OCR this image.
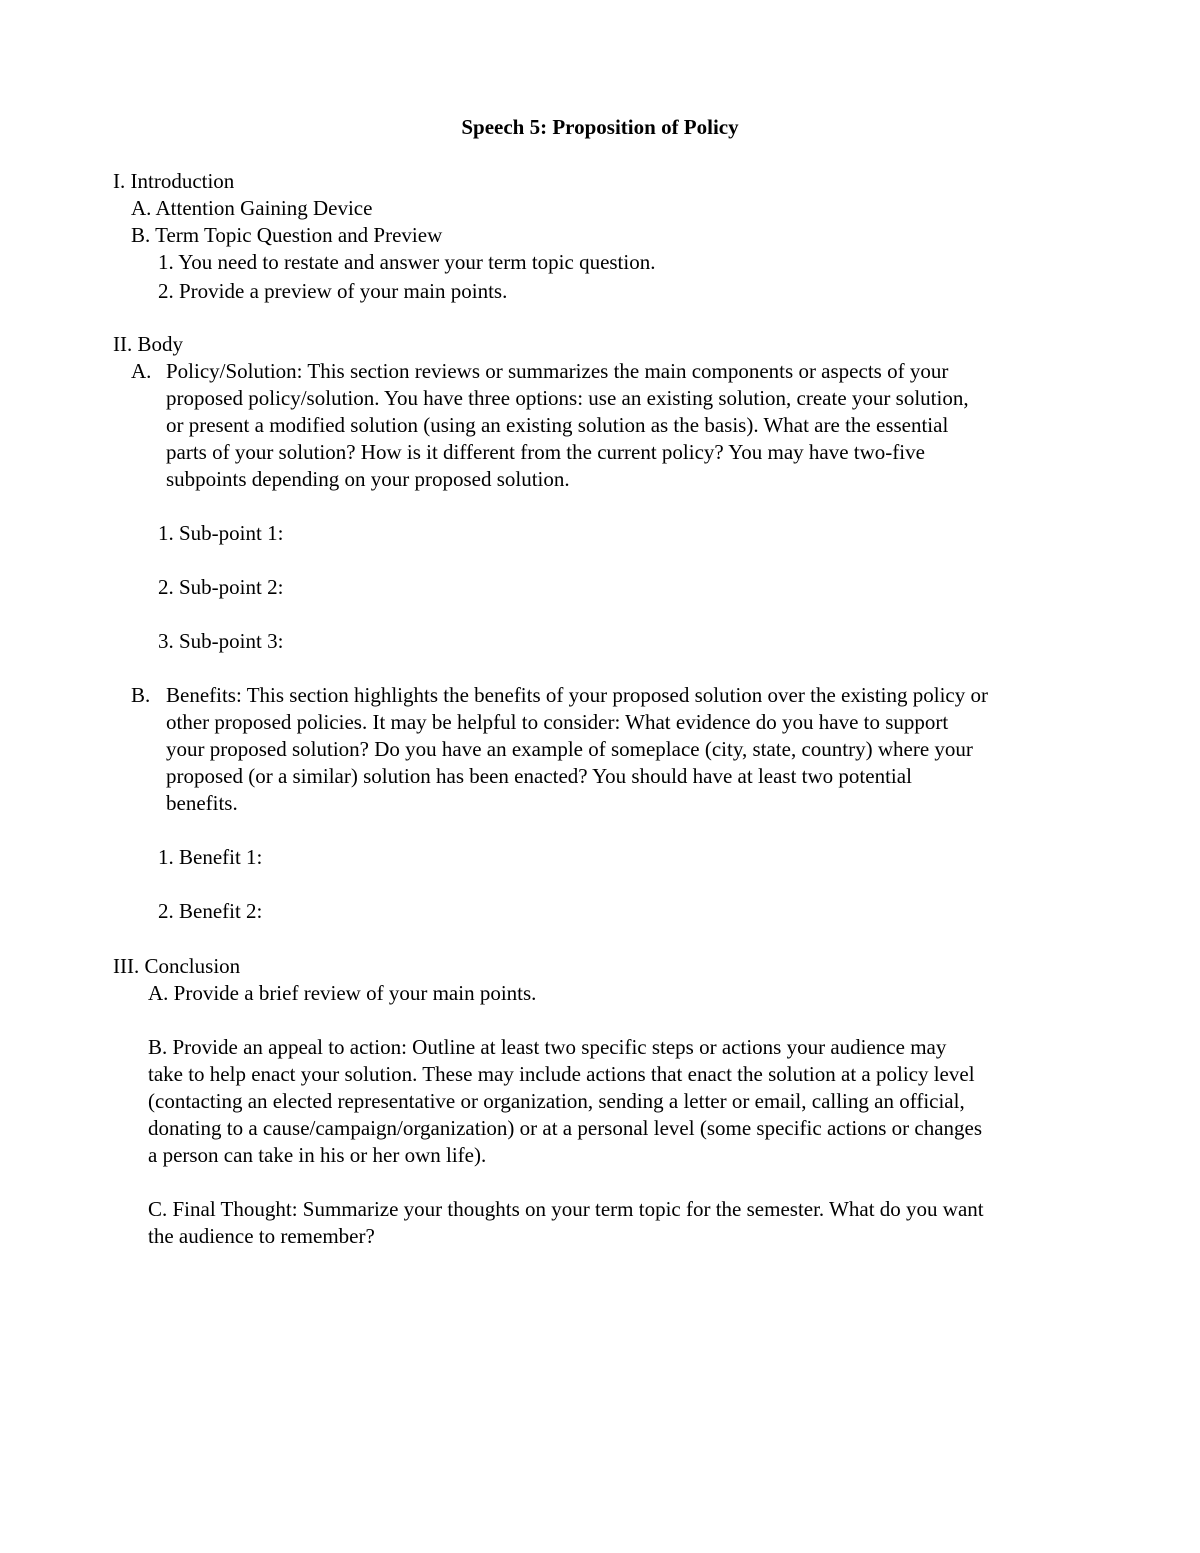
Speech 5: Proposition of Policy
I. Introduction
A. Attention Gaining Device
B. Term Topic Question and Preview
1. You need to restate and answer your term topic question.
2. Provide a preview of your main points.
II. Body
A. Policy/Solution: This section reviews or summarizes the main components or aspects of your
proposed policy/solution. You have three options: use an existing solution, create your solution,
or present a modified solution (using an existing solution as the basis). What are the essential
parts of your solution? How is it different from the current policy? You may have two-five
subpoints depending on your proposed solution.
1. Sub-point 1:
2. Sub-point 2:
3. Sub-point 3:
B. Benefits: This section highlights the benefits of your proposed solution over the existing policy or
other proposed policies. It may be helpful to consider: What evidence do you have to support
your proposed solution? Do you have an example of someplace (city, state, country) where your
proposed (or a similar) solution has been enacted? You should have at least two potential
benefits.
1. Benefit 1:
2. Benefit 2:
III. Conclusion
A. Provide a brief review of your main points.
B. Provide an appeal to action: Outline at least two specific steps or actions your audience may
take to help enact your solution. These may include actions that enact the solution at a policy level
(contacting an elected representative or organization, sending a letter or email, calling an official,
donating to a cause/campaign/organization) or at a personal level (some specific actions or changes
a person can take in his or her own life).
C. Final Thought: Summarize your thoughts on your term topic for the semester. What do you want
the audience to remember?
